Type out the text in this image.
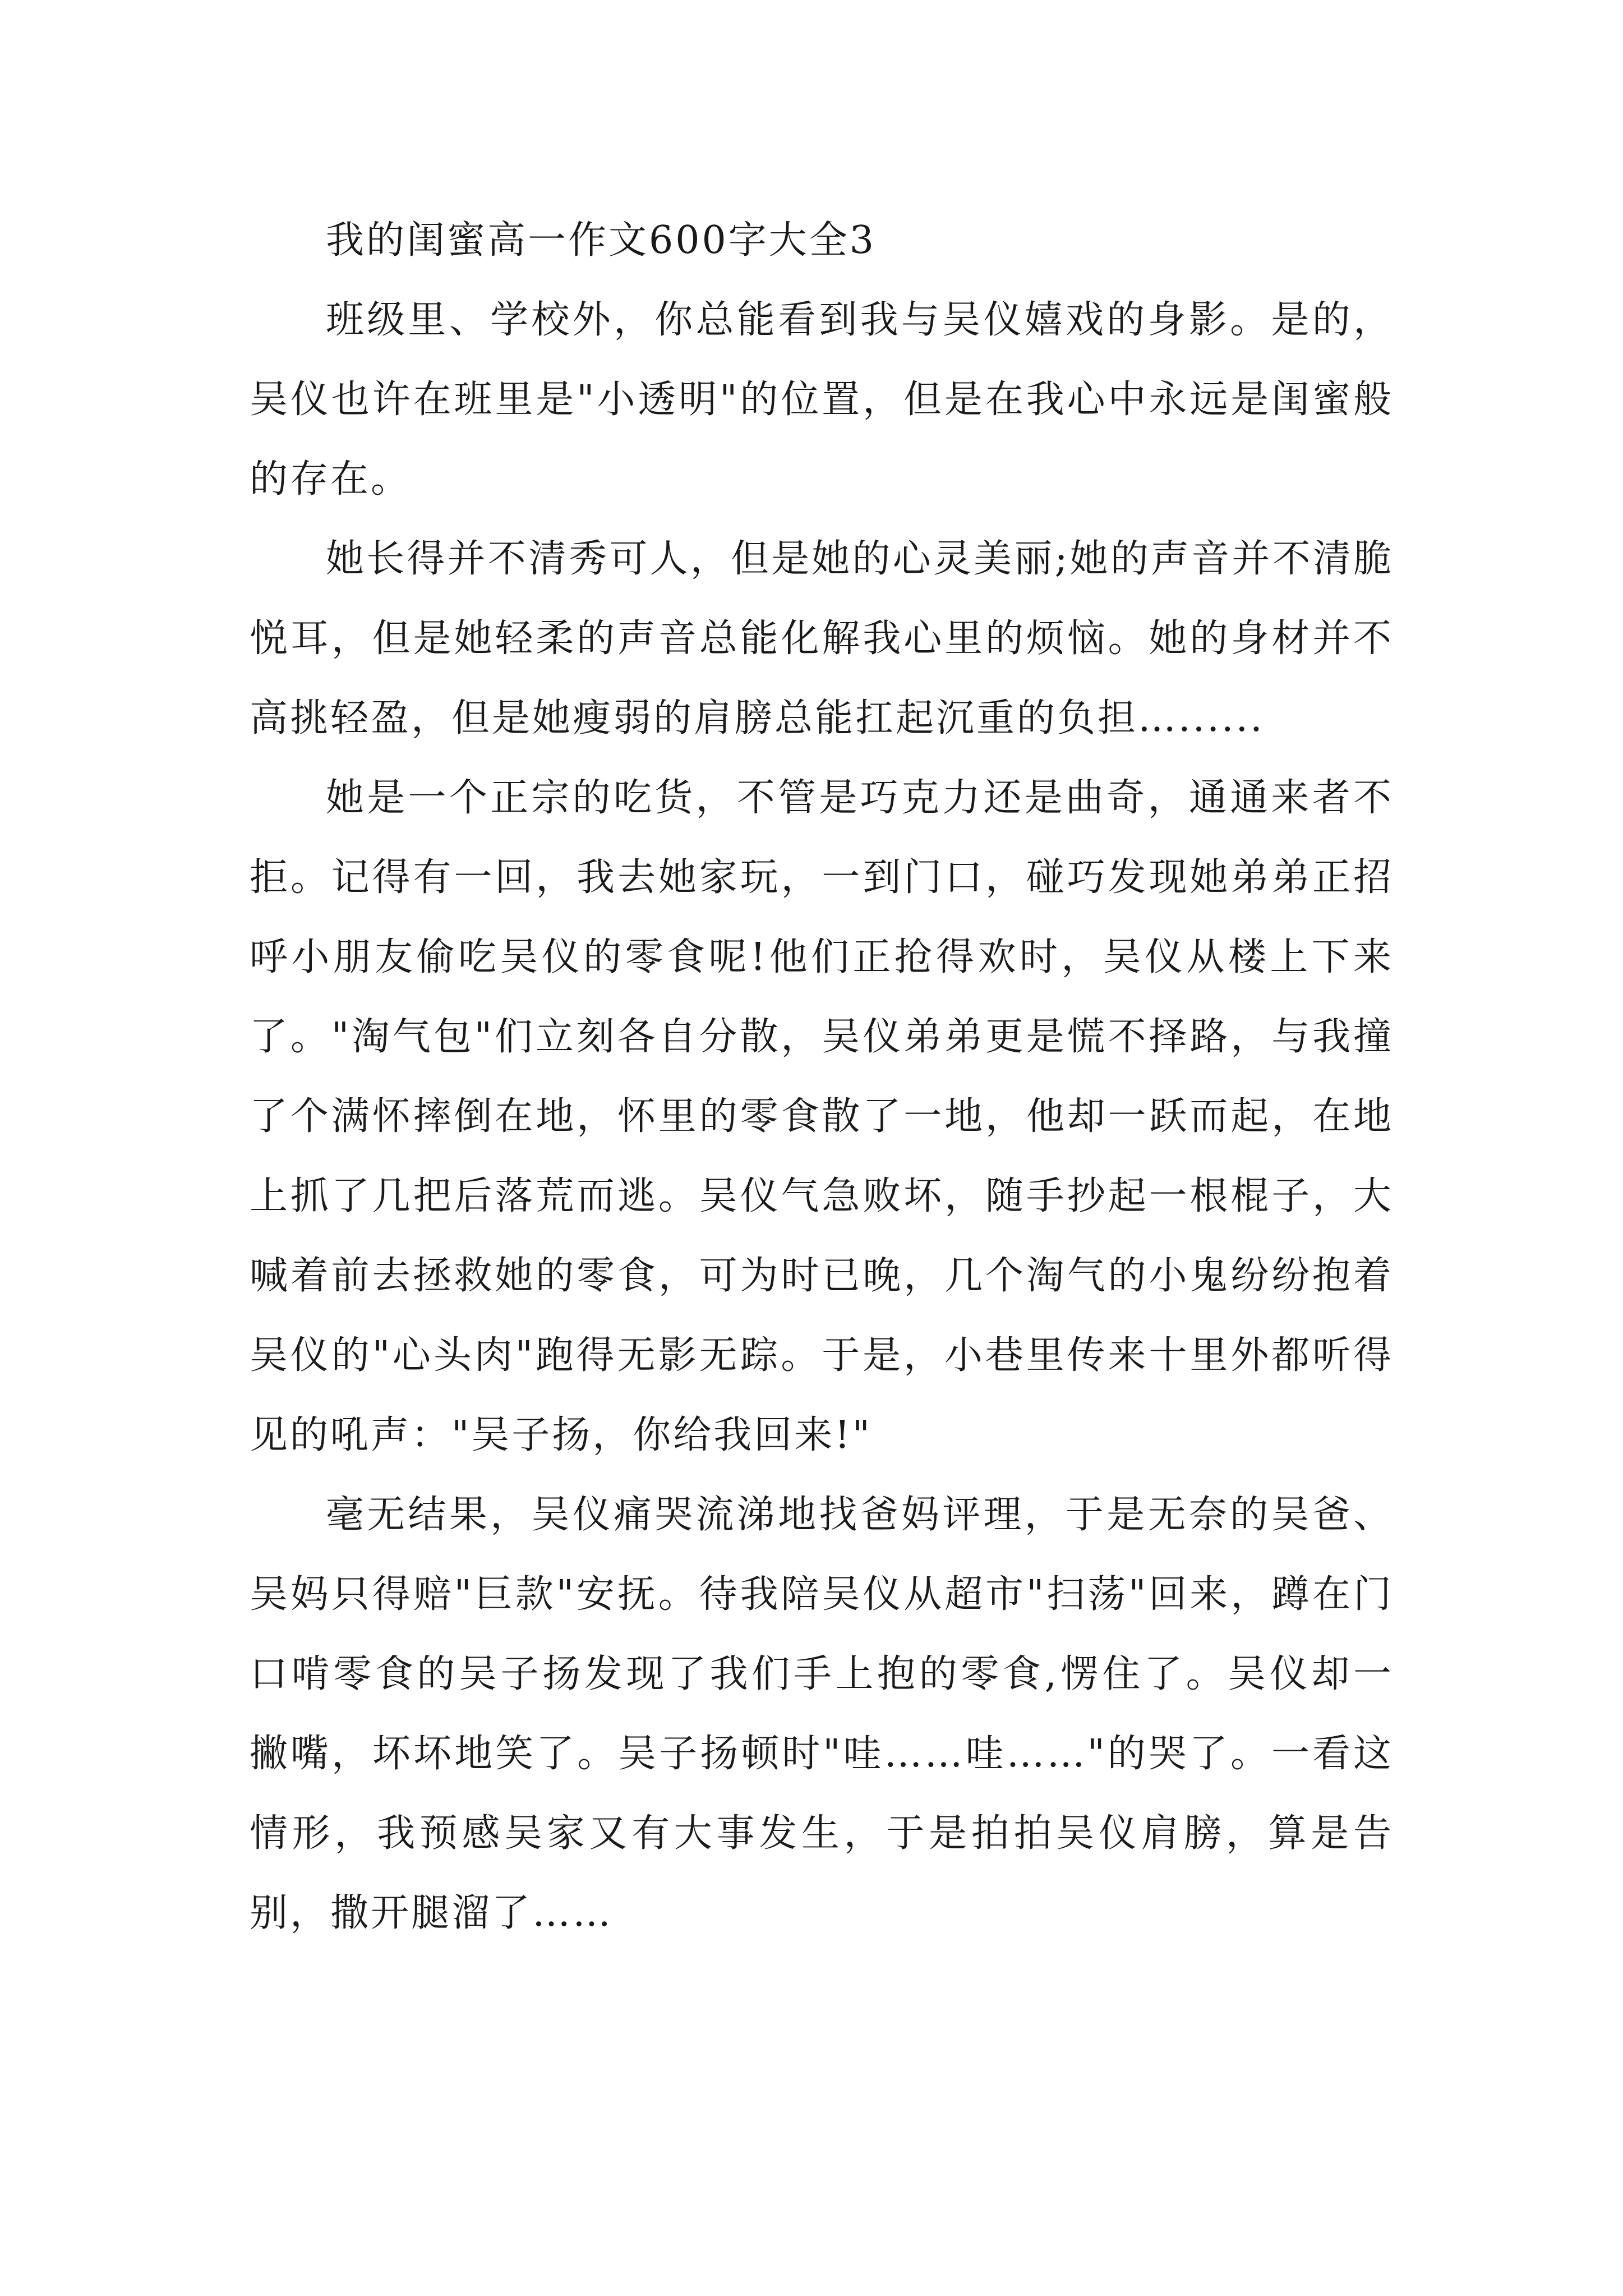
我的闺蜜高一作文600字大全3

班级里、学校外，你总能看到我与吴仪嬉戏的身影。是的，吴仪也许在班里是"小透明"的位置，但是在我心中永远是闺蜜般的存在。

她长得并不清秀可人，但是她的心灵美丽;她的声音并不清脆悦耳，但是她轻柔的声音总能化解我心里的烦恼。她的身材并不高挑轻盈，但是她瘦弱的肩膀总能扛起沉重的负担…......

她是一个正宗的吃货，不管是巧克力还是曲奇，通通来者不拒。记得有一回，我去她家玩，一到门口，碰巧发现她弟弟正招呼小朋友偷吃吴仪的零食呢!他们正抢得欢时，吴仪从楼上下来了。"淘气包"们立刻各自分散，吴仪弟弟更是慌不择路，与我撞了个满怀摔倒在地，怀里的零食散了一地，他却一跃而起，在地上抓了几把后落荒而逃。吴仪气急败坏，随手抄起一根棍子，大喊着前去拯救她的零食，可为时已晚，几个淘气的小鬼纷纷抱着吴仪的"心头肉"跑得无影无踪。于是，小巷里传来十里外都听得见的吼声："吴子扬，你给我回来!"

毫无结果，吴仪痛哭流涕地找爸妈评理，于是无奈的吴爸、吴妈只得赔"巨款"安抚。待我陪吴仪从超市"扫荡"回来，蹲在门口啃零食的吴子扬发现了我们手上抱的零食,愣住了。吴仪却一撇嘴，坏坏地笑了。吴子扬顿时"哇……哇……"的哭了。一看这情形，我预感吴家又有大事发生，于是拍拍吴仪肩膀，算是告别，撒开腿溜了……
